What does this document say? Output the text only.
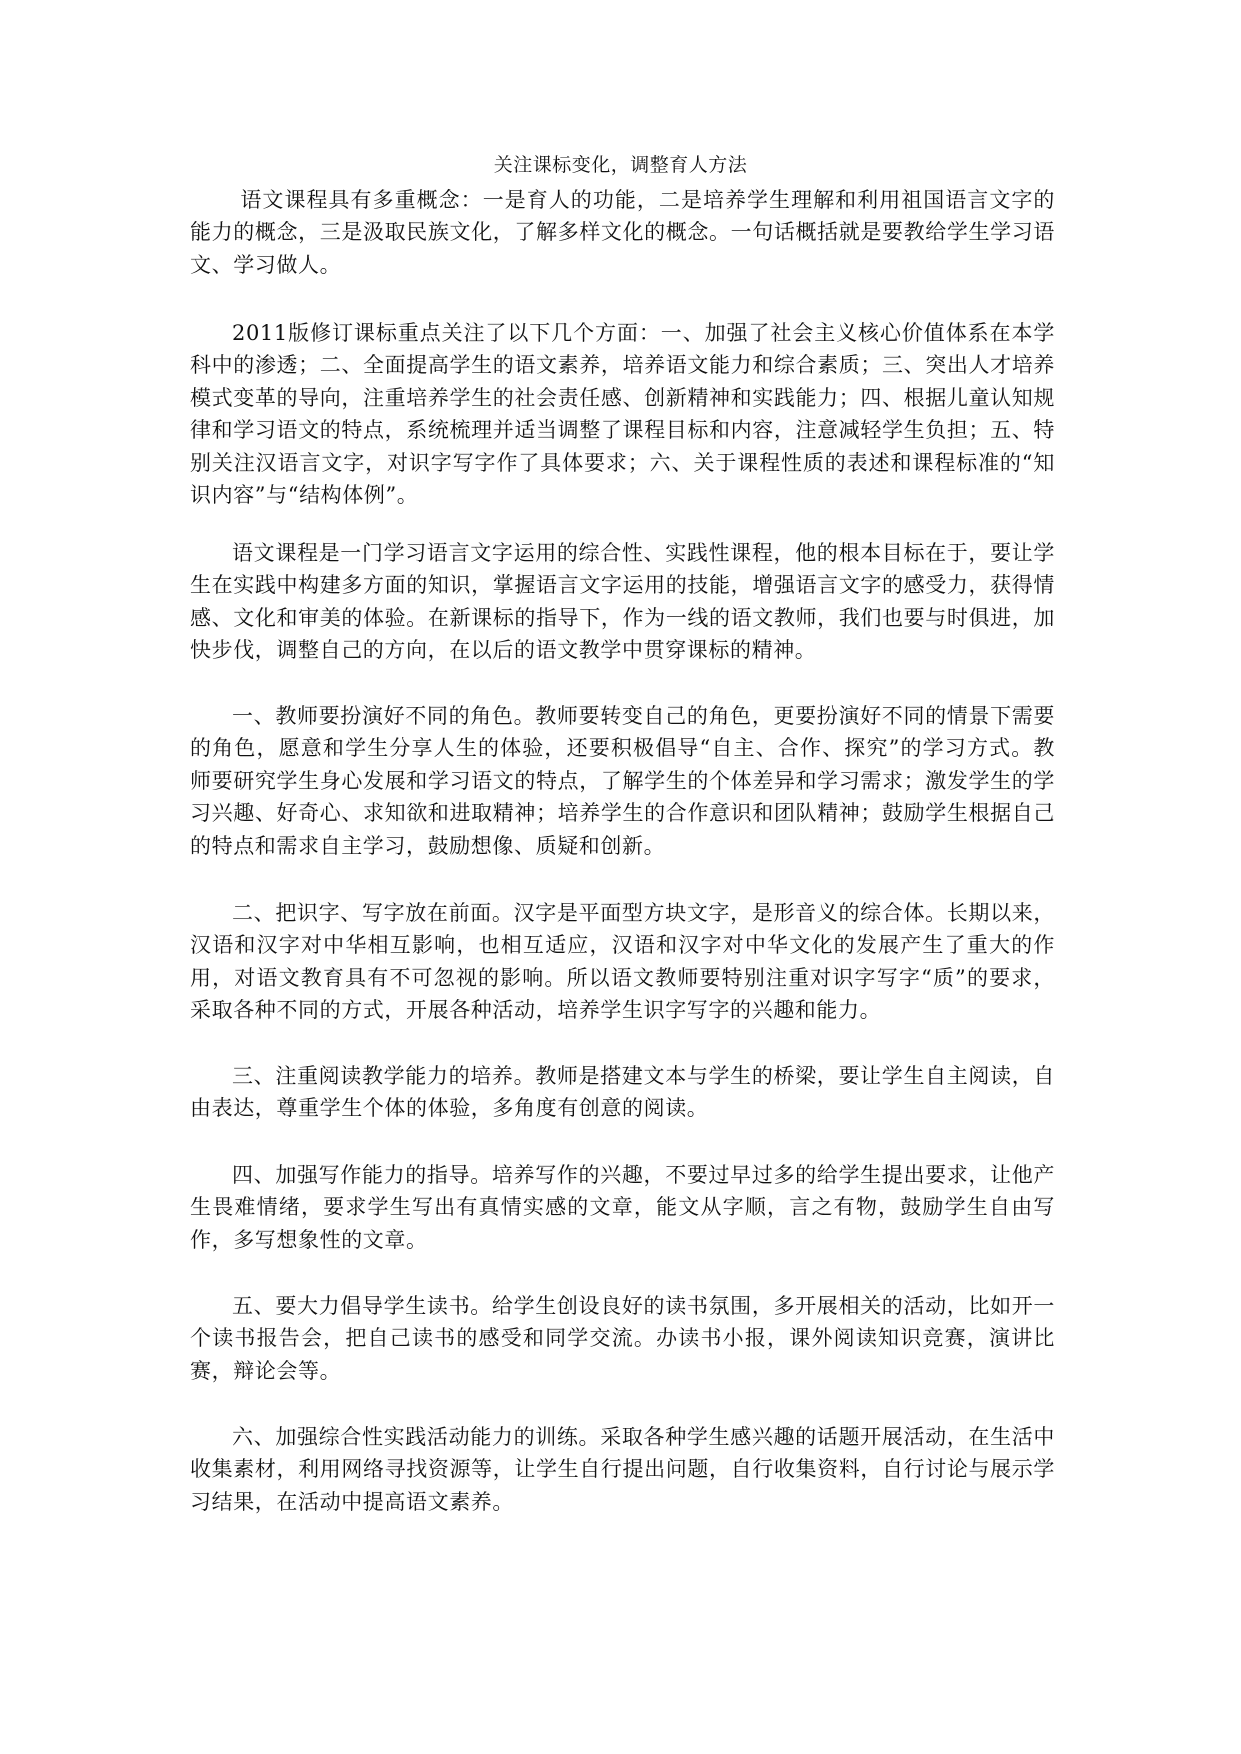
关注课标变化，调整育人方法

语文课程具有多重概念：一是育人的功能，二是培养学生理解和利用祖国语言文字的能力的概念，三是汲取民族文化，了解多样文化的概念。一句话概括就是要教给学生学习语文、学习做人。

2011版修订课标重点关注了以下几个方面：一、加强了社会主义核心价值体系在本学科中的渗透；二、全面提高学生的语文素养，培养语文能力和综合素质；三、突出人才培养模式变革的导向，注重培养学生的社会责任感、创新精神和实践能力；四、根据儿童认知规律和学习语文的特点，系统梳理并适当调整了课程目标和内容，注意减轻学生负担；五、特别关注汉语言文字，对识字写字作了具体要求；六、关于课程性质的表述和课程标准的“知识内容”与“结构体例”。

语文课程是一门学习语言文字运用的综合性、实践性课程，他的根本目标在于，要让学生在实践中构建多方面的知识，掌握语言文字运用的技能，增强语言文字的感受力，获得情感、文化和审美的体验。在新课标的指导下，作为一线的语文教师，我们也要与时俱进，加快步伐，调整自己的方向，在以后的语文教学中贯穿课标的精神。

一、教师要扮演好不同的角色。教师要转变自己的角色，更要扮演好不同的情景下需要的角色，愿意和学生分享人生的体验，还要积极倡导“自主、合作、探究”的学习方式。教师要研究学生身心发展和学习语文的特点，了解学生的个体差异和学习需求；激发学生的学习兴趣、好奇心、求知欲和进取精神；培养学生的合作意识和团队精神；鼓励学生根据自己的特点和需求自主学习，鼓励想像、质疑和创新。

二、把识字、写字放在前面。汉字是平面型方块文字，是形音义的综合体。长期以来，汉语和汉字对中华相互影响，也相互适应，汉语和汉字对中华文化的发展产生了重大的作用，对语文教育具有不可忽视的影响。所以语文教师要特别注重对识字写字“质”的要求，采取各种不同的方式，开展各种活动，培养学生识字写字的兴趣和能力。

三、注重阅读教学能力的培养。教师是搭建文本与学生的桥梁，要让学生自主阅读，自由表达，尊重学生个体的体验，多角度有创意的阅读。

四、加强写作能力的指导。培养写作的兴趣，不要过早过多的给学生提出要求，让他产生畏难情绪，要求学生写出有真情实感的文章，能文从字顺，言之有物，鼓励学生自由写作，多写想象性的文章。

五、要大力倡导学生读书。给学生创设良好的读书氛围，多开展相关的活动，比如开一个读书报告会，把自己读书的感受和同学交流。办读书小报，课外阅读知识竞赛，演讲比赛，辩论会等。

六、加强综合性实践活动能力的训练。采取各种学生感兴趣的话题开展活动，在生活中收集素材，利用网络寻找资源等，让学生自行提出问题，自行收集资料，自行讨论与展示学习结果，在活动中提高语文素养。
